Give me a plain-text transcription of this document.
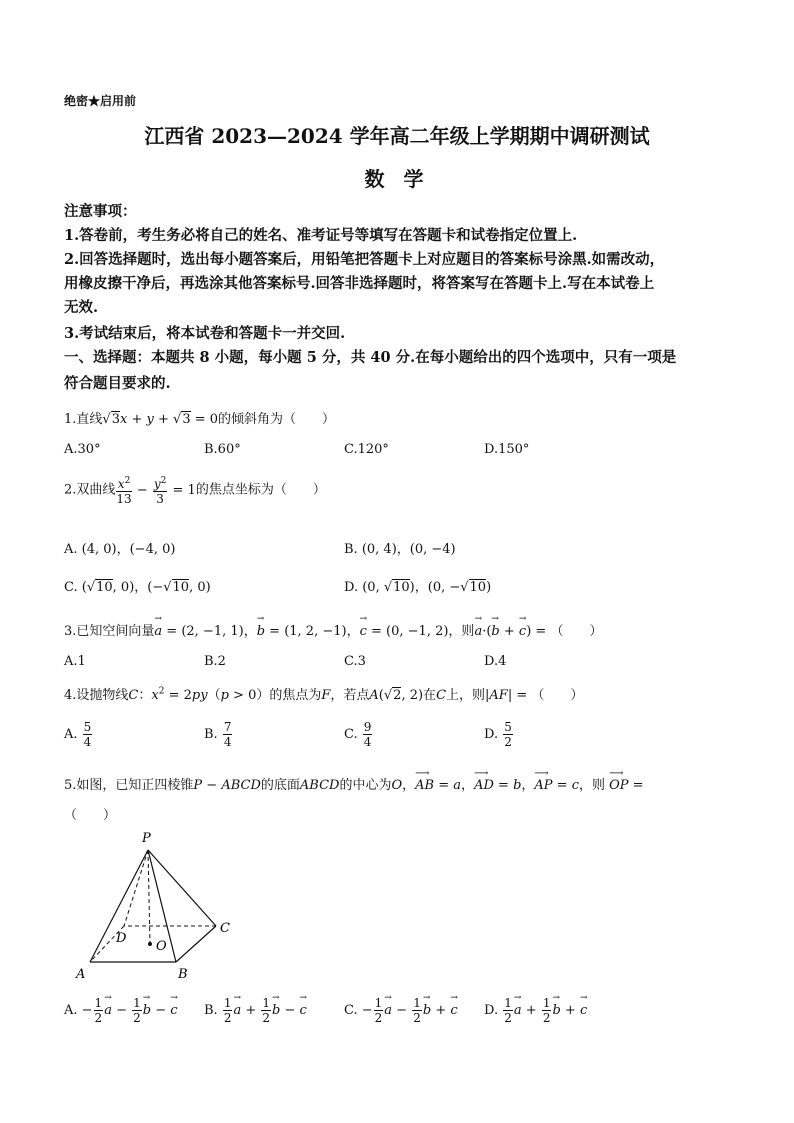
绝密★启用前
江西省 2023—2024 学年高二年级上学期期中调研测试
数 学
注意事项：
1.答卷前，考生务必将自己的姓名、准考证号等填写在答题卡和试卷指定位置上.
2.回答选择题时，选出每小题答案后，用铅笔把答题卡上对应题目的答案标号涂黑.如需改动，
用橡皮擦干净后，再选涂其他答案标号.回答非选择题时，将答案写在答题卡上.写在本试卷上
无效.
3.考试结束后，将本试卷和答题卡一并交回.
一、选择题：本题共 8 小题，每小题 5 分，共 40 分.在每小题给出的四个选项中，只有一项是
符合题目要求的.
1.直线√3x + y + √3 = 0的倾斜角为（　　）
A.30°	B.60°	C.120°	D.150°
2.双曲线 $\frac{x^2}{13} - \frac{y^2}{3} = 1$的焦点坐标为（　　）
A. (4, 0)，(−4, 0)	B. (0, 4)，(0, −4)
C. (√10, 0)，(−√10, 0)	D. (0, √10)，(0, −√10)
3.已知空间向量→ a = (2, −1, 1)，→ b = (1, 2, −1)，→ c = (0, −1, 2)，则→ a·(→ b + → c) = （　　）
A.1	B.2	C.3	D.4
4.设抛物线C：$x^2 = 2py(p > 0)$的焦点为F，若点A(√2, 2)在C上，则|AF| = （　　）
A. $\frac{5}{4}$	B. $\frac{7}{4}$	C. $\frac{9}{4}$	D. $\frac{5}{2}$
5.如图，已知正四棱锥P − ABCD的底面ABCD的中心为O，⟶ AB = a，⟶ AD = b，⟶ AP = c，则 ⟶ OP =
（　　）
P
A	B
C
D
O
A. − $\frac{1}{2}$
→ $a - \frac{1}{2}$
→ b − → c B. $\frac{1}{2}$
→ $a + \frac{1}{2}$
→ b − → c	C. − $\frac{1}{2}$
→ $a - \frac{1}{2}$
→ b + → c D. $\frac{1}{2}$
→ $a + \frac{1}{2}$
→ b + → c
